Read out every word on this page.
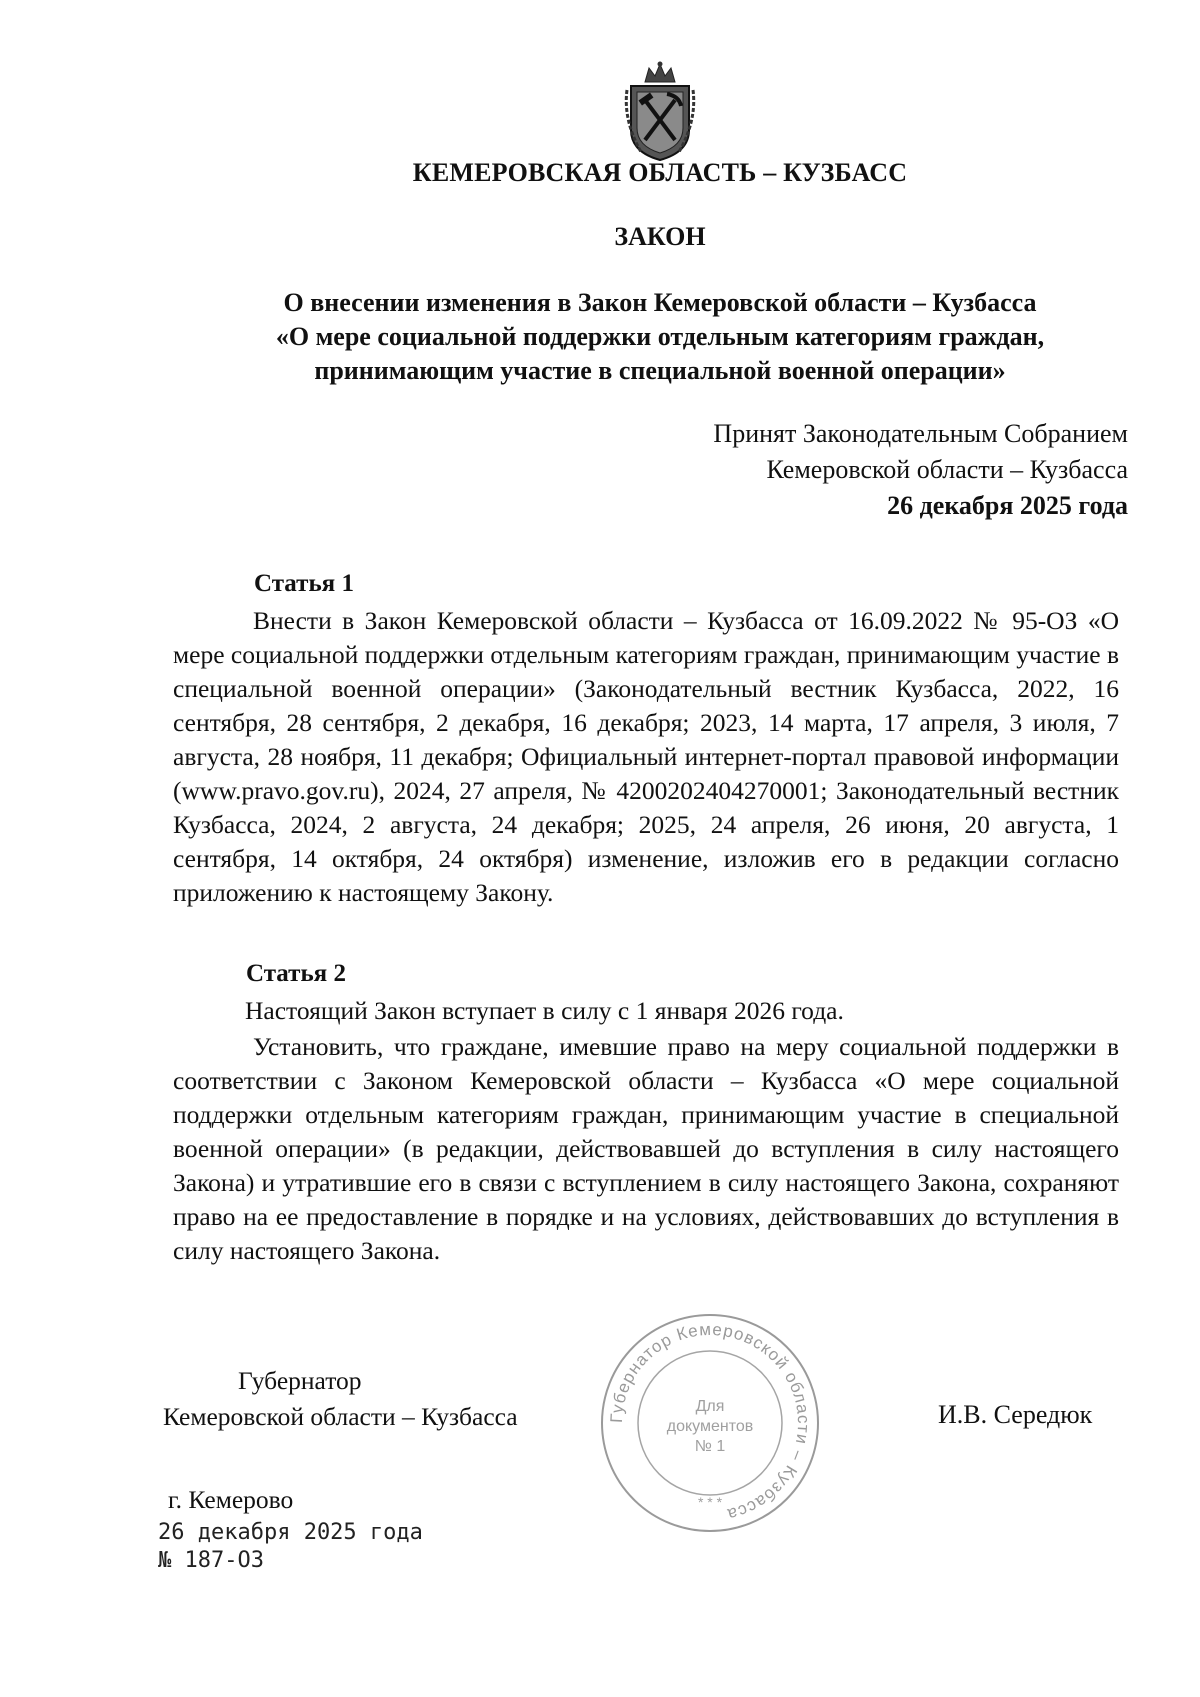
КЕМЕРОВСКАЯ ОБЛАСТЬ – КУЗБАСС
ЗАКОН
О внесении изменения в Закон Кемеровской области – Кузбасса
«О мере социальной поддержки отдельным категориям граждан,
принимающим участие в специальной военной операции»
Принят Законодательным Собранием
Кемеровской области – Кузбасса
26 декабря 2025 года
Статья 1

Внести в Закон Кемеровской области – Кузбасса от 16.09.2022 № 95-ОЗ «О мере социальной поддержки отдельным категориям граждан, принимающим участие в специальной военной операции» (Законодательный вестник Кузбасса, 2022, 16 сентября, 28 сентября, 2 декабря, 16 декабря; 2023, 14 марта, 17 апреля, 3 июля, 7 августа, 28 ноября, 11 декабря; Официальный интернет-портал правовой информации (www.pravo.gov.ru), 2024, 27 апреля, № 4200202404270001; Законодательный вестник Кузбасса, 2024, 2 августа, 24 декабря; 2025, 24 апреля, 26 июня, 20 августа, 1 сентября, 14 октября, 24 октября) изменение, изложив его в редакции согласно приложению к настоящему Закону.

Статья 2

Настоящий Закон вступает в силу с 1 января 2026 года.

Установить, что граждане, имевшие право на меру социальной поддержки в соответствии с Законом Кемеровской области – Кузбасса «О мере социальной поддержки отдельным категориям граждан, принимающим участие в специальной военной операции» (в редакции, действовавшей до вступления в силу настоящего Закона) и утратившие его в связи с вступлением в силу настоящего Закона, сохраняют право на ее предоставление в порядке и на условиях, действовавших до вступления в силу настоящего Закона.

Губернатор
Кемеровской области – Кузбасса	Губернатор Кемеровской области – Кузбасса
Для
документов
№ 1
* * *
И.В. Середюк
г. Кемерово
26 декабря 2025 года
№ 187-ОЗ
